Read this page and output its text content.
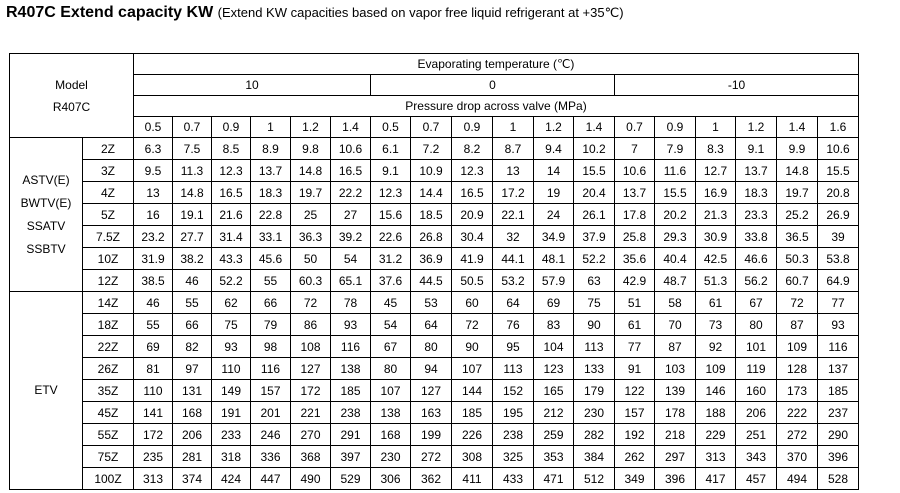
R407C Extend capacity KW (Extend KW capacities based on vapor free liquid refrigerant at +35℃)
Model
R407C		Evaporating temperature (℃)																	
		10						0						-10					
		Pressure drop across valve (MPa)																	
		0.5	0.7	0.9	1	1.2	1.4	0.5	0.7	0.9	1	1.2	1.4	0.7	0.9	1	1.2	1.4	1.6

ASTV(E)
BWTV(E)
SSATV
SSBTV	2Z	6.3	7.5	8.5	8.9	9.8	10.6	6.1	7.2	8.2	8.7	9.4	10.2	7	7.9	8.3	9.1	9.9	10.6
	3Z	9.5	11.3	12.3	13.7	14.8	16.5	9.1	10.9	12.3	13	14	15.5	10.6	11.6	12.7	13.7	14.8	15.5
	4Z	13	14.8	16.5	18.3	19.7	22.2	12.3	14.4	16.5	17.2	19	20.4	13.7	15.5	16.9	18.3	19.7	20.8
	5Z	16	19.1	21.6	22.8	25	27	15.6	18.5	20.9	22.1	24	26.1	17.8	20.2	21.3	23.3	25.2	26.9
	7.5Z	23.2	27.7	31.4	33.1	36.3	39.2	22.6	26.8	30.4	32	34.9	37.9	25.8	29.3	30.9	33.8	36.5	39
	10Z	31.9	38.2	43.3	45.6	50	54	31.2	36.9	41.9	44.1	48.1	52.2	35.6	40.4	42.5	46.6	50.3	53.8
	12Z	38.5	46	52.2	55	60.3	65.1	37.6	44.5	50.5	53.2	57.9	63	42.9	48.7	51.3	56.2	60.7	64.9

ETV	14Z	46	55	62	66	72	78	45	53	60	64	69	75	51	58	61	67	72	77
	18Z	55	66	75	79	86	93	54	64	72	76	83	90	61	70	73	80	87	93
	22Z	69	82	93	98	108	116	67	80	90	95	104	113	77	87	92	101	109	116
	26Z	81	97	110	116	127	138	80	94	107	113	123	133	91	103	109	119	128	137
	35Z	110	131	149	157	172	185	107	127	144	152	165	179	122	139	146	160	173	185
	45Z	141	168	191	201	221	238	138	163	185	195	212	230	157	178	188	206	222	237
	55Z	172	206	233	246	270	291	168	199	226	238	259	282	192	218	229	251	272	290
	75Z	235	281	318	336	368	397	230	272	308	325	353	384	262	297	313	343	370	396
	100Z	313	374	424	447	490	529	306	362	411	433	471	512	349	396	417	457	494	528
